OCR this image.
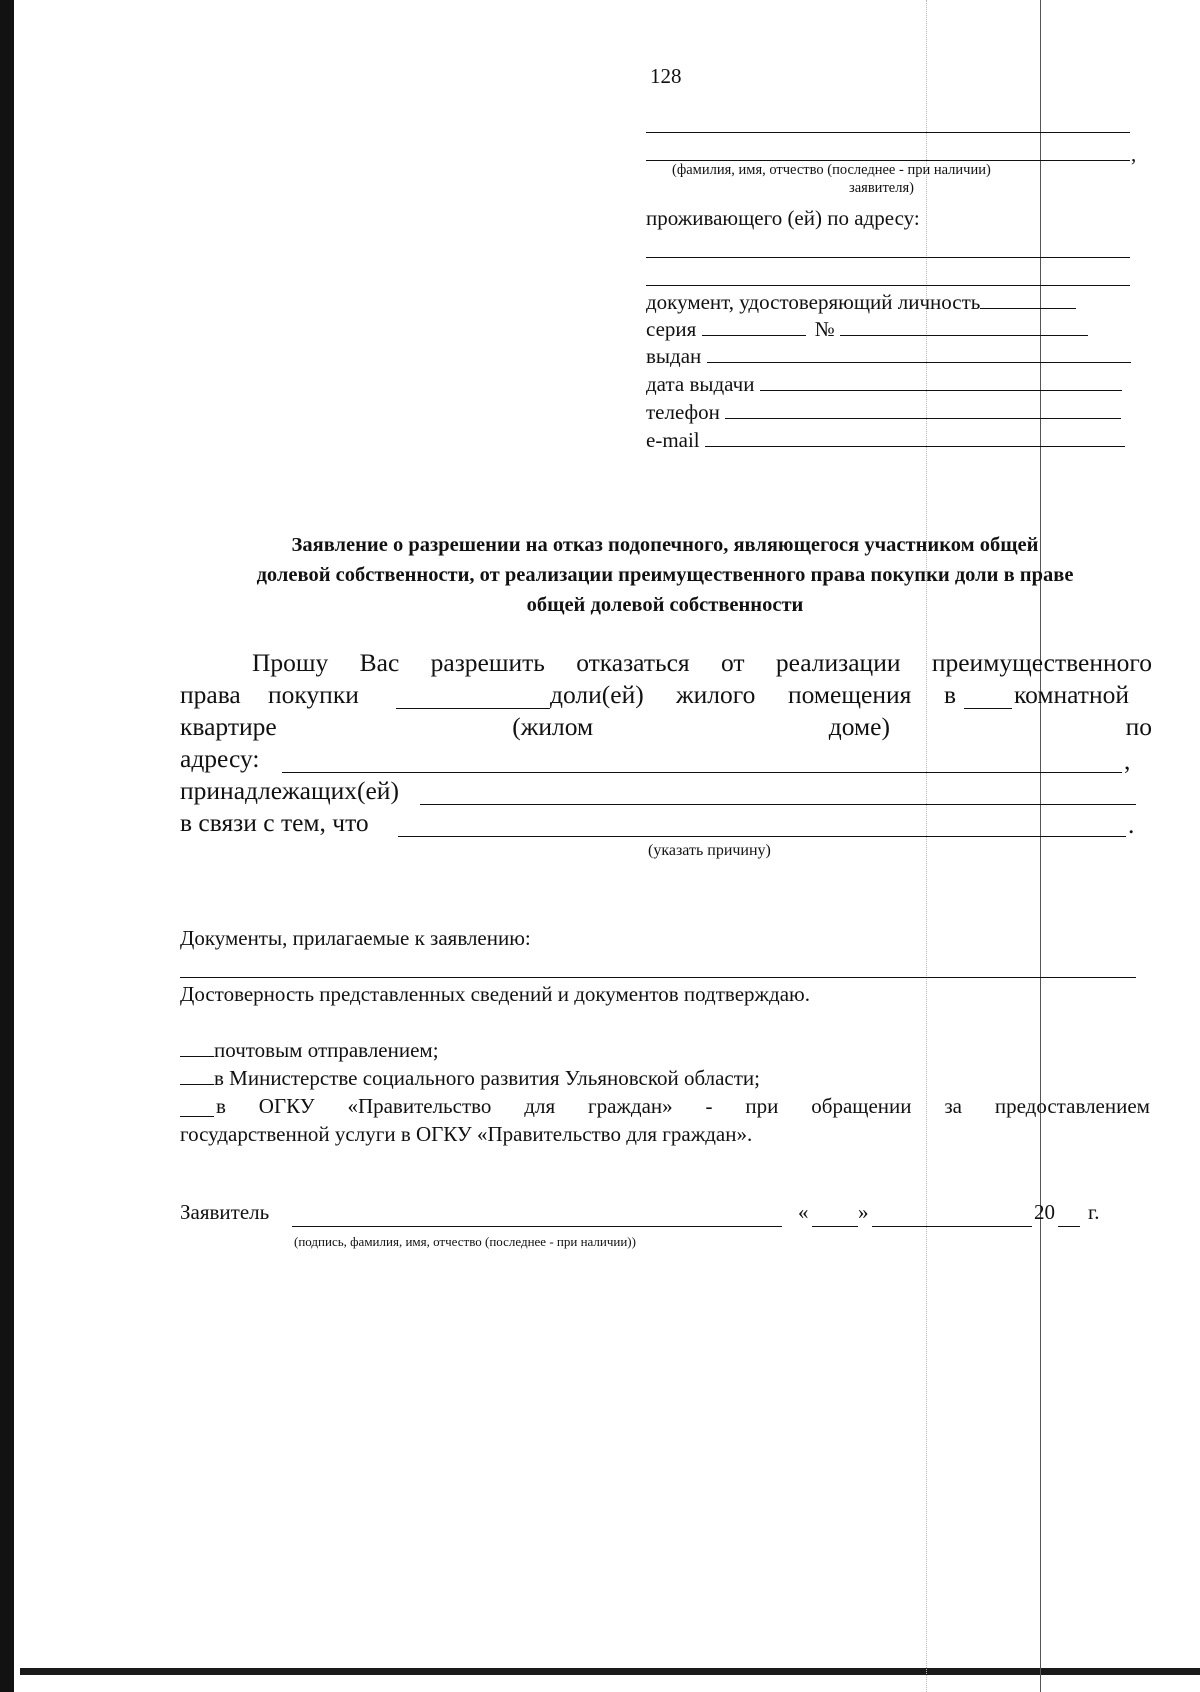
128
,
(фамилия, имя, отчество (последнее - при наличии)
заявителя)
проживающего (ей) по адресу:
документ, удостоверяющий личность
серия	№
выдан
дата выдачи
телефон
e-mail
Заявление о разрешении на отказ подопечного, являющегося участником общей
долевой собственности, от реализации преимущественного права покупки доли в праве
общей долевой собственности
Прошу Вас разрешить отказаться от реализации преимущественного
права покупки	доли(ей) жилого помещения в комнатной
квартире	(жилом	доме)	по
адресу:	,
принадлежащих(ей)
в связи с тем, что	.
(указать причину)
Документы, прилагаемые к заявлению:
Достоверность представленных сведений и документов подтверждаю.
почтовым отправлением;
в Министерстве социального развития Ульяновской области;
в ОГКУ «Правительство для граждан» - при обращении за предоставлением
государственной услуги в ОГКУ «Правительство для граждан».
Заявитель	« »	20 г.
(подпись, фамилия, имя, отчество (последнее - при наличии))
